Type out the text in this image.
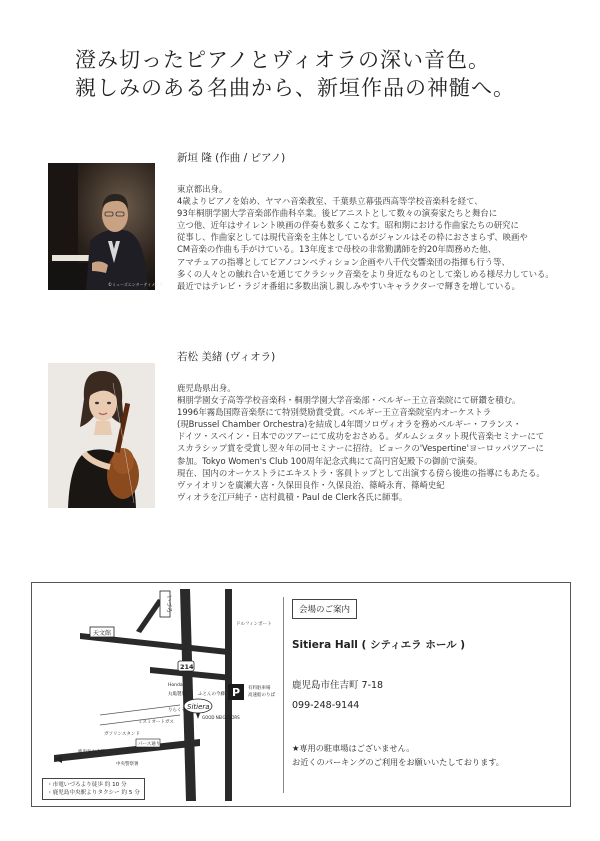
澄み切ったピアノとヴィオラの深い音色。
親しみのある名曲から、新垣作品の神髄へ。
©ミューズエンターテイメント
新垣 隆 (作曲 / ピアノ)
東京都出身。
4歳よりピアノを始め、ヤマハ音楽教室、千葉県立幕張西高等学校音楽科を経て、
93年桐朋学園大学音楽部作曲科卒業。後ピアニストとして数々の演奏家たちと舞台に
立つ他、近年はサイレント映画の伴奏も数多くこなす。昭和期における作曲家たちの研究に
従事し、作曲家としては現代音楽を主体としているがジャンルはその枠におさまらず、映画や
CM音楽の作曲も手がけている。13年度まで母校の非常勤講師を約20年間務めた他、
アマチュアの指導としてピアノコンペティション企画や八千代交響楽団の指揮も行う等、
多くの人々との触れ合いを通じてクラシック音楽をより身近なものとして楽しめる様尽力している。
最近ではテレビ・ラジオ番組に多数出演し親しみやすいキャラクターで輝きを増している。
若松 美緒 (ヴィオラ)
鹿児島県出身。
桐朋学園女子高等学校音楽科・桐朋学園大学音楽部・ベルギー王立音楽院にて研鑽を積む。
1996年霧島国際音楽祭にて特別奨励賞受賞。ベルギー王立音楽院室内オーケストラ
(現Brussel Chamber Orchestra)を結成し4年間ソロヴィオラを務めベルギー・フランス・
ドイツ・スペイン・日本でのツアーにて成功をおさめる。ダルムシュタット現代音楽セミナーにて
スカラシップ賞を受賞し翌々年の同セミナーに招待。ビョークの'Vespertine'ヨーロッパツアーに
参加。Tokyo Women's Club 100周年記念式典にて高円宮妃殿下の御前で演奏。
現在、国内のオーケストラにエキストラ・客員トップとして出演する傍ら後進の指導にもあたる。
ヴァイオリンを廣瀬大喜・久保田良作・久保良治、篠崎永育、篠崎史紀
ヴィオラを江戸純子・店村眞積・Paul de Clerk各氏に師事。
天文館
いづろ
214
ドルフィンポート
P 有料駐車場
高速船のりば
Honda
丸亀製麺	ふとんの今藤
りらくる
ミスミオートガス
GOOD NEIGHBORS
Sitiera
鹿児島中央駅
ガソリンスタンド
中央警察署
パース通り
・市電いづろより徒歩 約 10 分
・鹿児島中央駅よりタクシー 約 5 分
会場のご案内
Sitiera Hall ( シティエラ ホール )
鹿児島市住吉町 7-18
099-248-9144
★専用の駐車場はございません。
お近くのパーキングのご利用をお願いいたしております。
